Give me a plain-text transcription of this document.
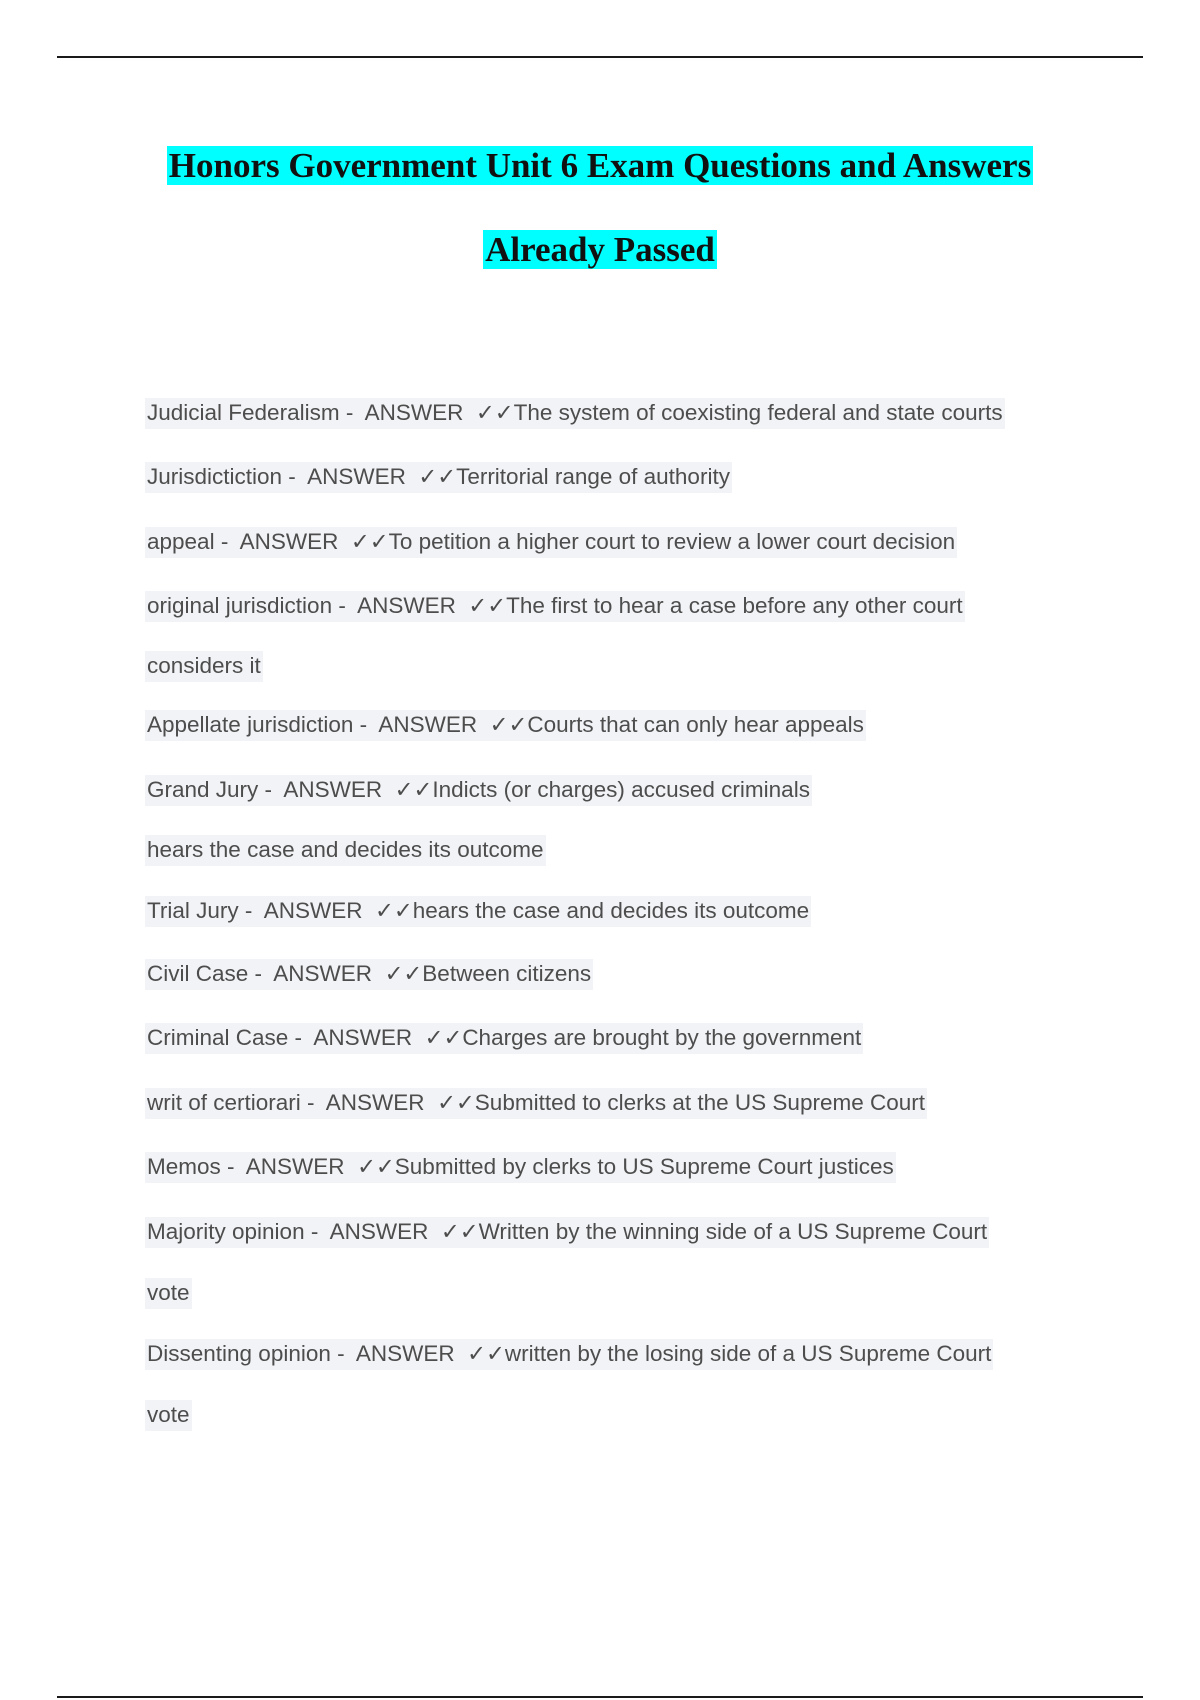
Honors Government Unit 6 Exam Questions and Answers
Already Passed
Judicial Federalism -  ANSWER ✓✓The system of coexisting federal and state courts
Jurisdictiction -  ANSWER ✓✓Territorial range of authority
appeal -  ANSWER ✓✓To petition a higher court to review a lower court decision
original jurisdiction -  ANSWER ✓✓The first to hear a case before any other court
considers it
Appellate jurisdiction -  ANSWER ✓✓Courts that can only hear appeals
Grand Jury -  ANSWER ✓✓Indicts (or charges) accused criminals
hears the case and decides its outcome
Trial Jury -  ANSWER ✓✓hears the case and decides its outcome
Civil Case -  ANSWER ✓✓Between citizens
Criminal Case -  ANSWER ✓✓Charges are brought by the government
writ of certiorari -  ANSWER ✓✓Submitted to clerks at the US Supreme Court
Memos -  ANSWER ✓✓Submitted by clerks to US Supreme Court justices
Majority opinion -  ANSWER ✓✓Written by the winning side of a US Supreme Court
vote
Dissenting opinion -  ANSWER ✓✓written by the losing side of a US Supreme Court
vote
